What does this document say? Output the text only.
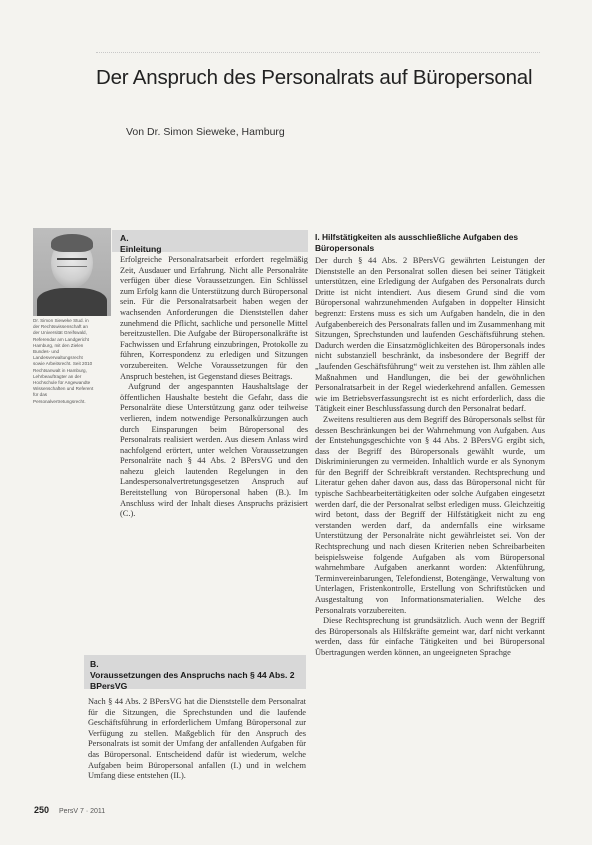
Der Anspruch des Personalrats auf Büropersonal
Von Dr. Simon Sieweke, Hamburg
Dr. Simon Sieweke Stud. in der Rechtswissenschaft an der Universität Greifswald, Referendar am Landgericht Hamburg, mit den Zielen Bundes- und Landesverwaltungsrecht sowie Arbeitsrecht. Seit 2010 Rechtsanwalt in Hamburg, Lehrbeauftragter an der Hochschule für Angewandte Wissenschaften und Referent für das Personalvertretungsrecht.
A.
Einleitung

Erfolgreiche Personalratsarbeit erfordert regelmäßig Zeit, Ausdauer und Erfahrung. Nicht alle Personalräte verfügen über diese Voraussetzungen. Ein Schlüssel zum Erfolg kann die Unterstützung durch Büropersonal sein. Für die Personalratsarbeit haben wegen der wachsenden Anforderungen die Dienststellen daher zunehmend die Pflicht, sachliche und personelle Mittel bereitzustellen. Die Aufgabe der Büropersonalkräfte ist Fachwissen und Erfahrung einzubringen, Protokolle zu führen, Korrespondenz zu erledigen und Sitzungen vorzubereiten. Welche Voraussetzungen für den Anspruch bestehen, ist Gegenstand dieses Beitrags.

Aufgrund der angespannten Haushaltslage der öffentlichen Haushalte besteht die Gefahr, dass die Personalräte diese Unterstützung ganz oder teilweise verlieren, indem notwendige Personalkürzungen auch durch Einsparungen beim Büropersonal des Personalrats realisiert werden. Aus diesem Anlass wird nachfolgend erörtert, unter welchen Voraussetzungen Personalräte nach § 44 Abs. 2 BPersVG und den nahezu gleich lautenden Regelungen in den Landespersonalvertretungsgesetzen Anspruch auf Bereitstellung von Büropersonal haben (B.). Im Anschluss wird der Inhalt dieses Anspruchs präzisiert (C.).

B.
Voraussetzungen des Anspruchs nach § 44 Abs. 2 BPersVG

Nach § 44 Abs. 2 BPersVG hat die Dienststelle dem Personalrat für die Sitzungen, die Sprechstunden und die laufende Geschäftsführung in erforderlichem Umfang Büropersonal zur Verfügung zu stellen. Maßgeblich für den Anspruch des Personalrats ist somit der Umfang der anfallenden Aufgaben für das Büropersonal. Entscheidend dafür ist wiederum, welche Aufgaben beim Büropersonal anfallen (I.) und in welchem Umfang diese entstehen (II.).

I. Hilfstätigkeiten als ausschließliche Aufgaben des Büropersonals

Der durch § 44 Abs. 2 BPersVG gewährten Leistungen der Dienststelle an den Personalrat sollen diesen bei seiner Tätigkeit unterstützen, eine Erledigung der Aufgaben des Personalrats durch Dritte ist nicht intendiert. Aus diesem Grund sind die vom Büropersonal wahrzunehmenden Aufgaben in doppelter Hinsicht begrenzt: Erstens muss es sich um Aufgaben handeln, die in den Aufgabenbereich des Personalrats fallen und im Zusammenhang mit Sitzungen, Sprechstunden und laufenden Geschäftsführung stehen. Dadurch werden die Einsatzmöglichkeiten des Büropersonals indes nicht substanziell beschränkt, da insbesondere der Begriff der „laufenden Geschäftsführung“ weit zu verstehen ist. Ihm zählen alle Maßnahmen und Handlungen, die bei der gewöhnlichen Personalratsarbeit in der Regel wiederkehrend anfallen. Gemessen wie im Betriebsverfassungsrecht ist es nicht erforderlich, dass die Tätigkeit einer Beschlussfassung durch den Personalrat bedarf.

Zweitens resultieren aus dem Begriff des Büropersonals selbst für dessen Beschränkungen bei der Wahrnehmung von Aufgaben. Aus der Entstehungsgeschichte von § 44 Abs. 2 BPersVG ergibt sich, dass der Begriff des Büropersonals gewählt wurde, um Diskriminierungen zu vermeiden. Inhaltlich wurde er als Synonym für den Begriff der Schreibkraft verstanden. Rechtsprechung und Literatur gehen daher davon aus, dass das Büropersonal nicht für typische Sachbearbeitertätigkeiten oder solche Aufgaben eingesetzt werden darf, die der Personalrat selbst erledigen muss. Gleichzeitig wird betont, dass der Begriff der Hilfstätigkeit nicht zu eng verstanden werden darf, da andernfalls eine wirksame Unterstützung der Personalräte nicht gewährleistet sei. Von der Rechtsprechung und nach diesen Kriterien neben Schreibarbeiten beispielsweise folgende Aufgaben als vom Büropersonal wahrnehmbare Aufgaben anerkannt worden: Aktenführung, Terminvereinbarungen, Telefondienst, Botengänge, Verwaltung von Unterlagen, Fristenkontrolle, Erstellung von Schriftstücken und Ausgestaltung von Informationsmaterialien. Welche des Personalrats vorzubereiten.

Diese Rechtsprechung ist grundsätzlich. Auch wenn der Begriff des Büropersonals als Hilfskräfte gemeint war, darf nicht verkannt werden, dass für einfache Tätigkeiten und bei Büropersonal Übertragungen werden können, an ungeeigneten Sprachge

250 PersV 7 · 2011
